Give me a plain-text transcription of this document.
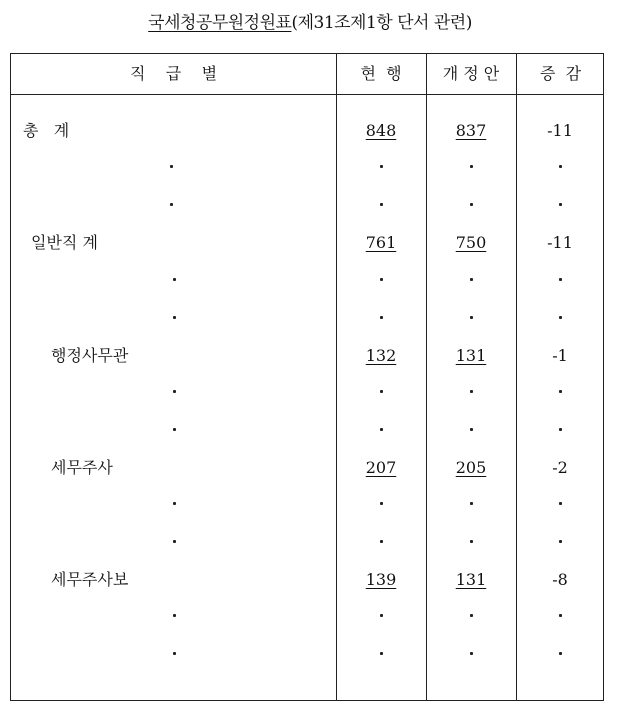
국세청공무원정원표(제31조제1항 단서 관련)
직    급    별	현  행	개 정 안	증  감
총   계	848	837	-11
일반직 계	761	750	-11
행정사무관	132	131	-1
세무주사	207	205	-2
세무주사보	139	131	-8
